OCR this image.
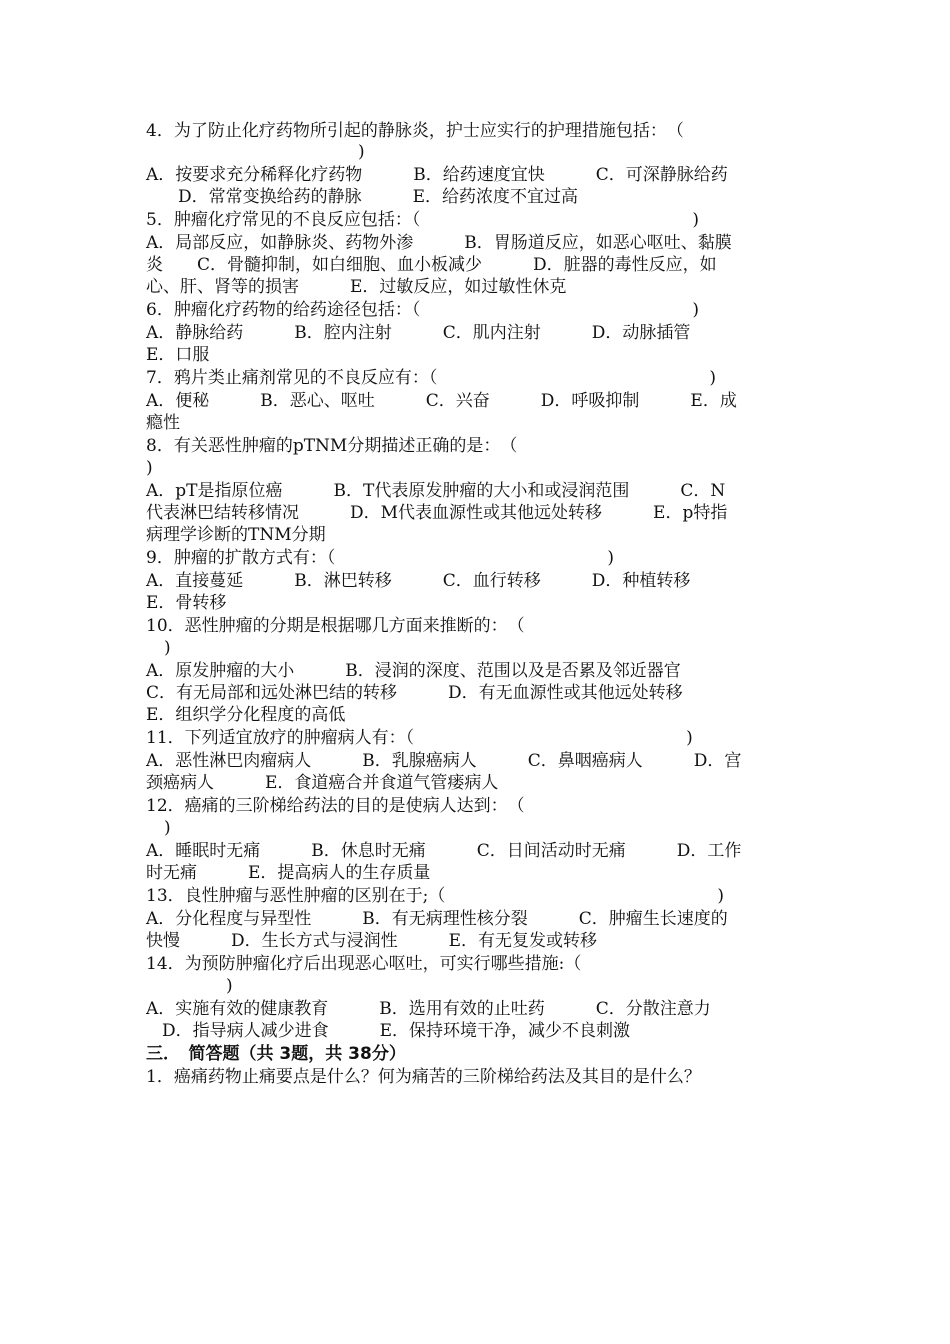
4．为了防止化疗药物所引起的静脉炎，护士应实行的护理措施包括：　（
)
A．按要求充分稀释化疗药物　　　B．给药速度宜快　　　C．可深静脉给药
D．常常变换给药的静脉　　　E．给药浓度不宜过高
5．肿瘤化疗常见的不良反应包括：（　　　　　　　　　　　　　　　　)
A．局部反应，如静脉炎、药物外渗　　　B．胃肠道反应，如恶心呕吐、黏膜
炎　　C．骨髓抑制，如白细胞、血小板减少　　　D．脏器的毒性反应，如
心、肝、肾等的损害　　　E．过敏反应，如过敏性休克
6．肿瘤化疗药物的给药途径包括：（　　　　　　　　　　　　　　　　)
A．静脉给药　　　B．腔内注射　　　C．肌内注射　　　D．动脉插管
E．口服
7．鸦片类止痛剂常见的不良反应有：（　　　　　　　　　　　　　　　　)
A．便秘　　　B．恶心、呕吐　　　C．兴奋　　　D．呼吸抑制　　　E．成
瘾性
8．有关恶性肿瘤的pTNM分期描述正确的是：　（
)
A．pT是指原位癌　　　B．T代表原发肿瘤的大小和或浸润范围　　　C．N
代表淋巴结转移情况　　　D．M代表血源性或其他远处转移　　　E．p特指
病理学诊断的TNM分期
9．肿瘤的扩散方式有：（　　　　　　　　　　　　　　　　)
A．直接蔓延　　　B．淋巴转移　　　C．血行转移　　　D．种植转移
E．骨转移
10．恶性肿瘤的分期是根据哪几方面来推断的：　（
)
A．原发肿瘤的大小　　　B．浸润的深度、范围以及是否累及邻近器官
C．有无局部和远处淋巴结的转移　　　D．有无血源性或其他远处转移
E．组织学分化程度的高低
11．下列适宜放疗的肿瘤病人有：（　　　　　　　　　　　　　　　　)
A．恶性淋巴肉瘤病人　　　B．乳腺癌病人　　　C．鼻咽癌病人　　　D．宫
颈癌病人　　　E．食道癌合并食道气管瘘病人
12．癌痛的三阶梯给药法的目的是使病人达到：　（
)
A．睡眠时无痛　　　B．休息时无痛　　　C．日间活动时无痛　　　D．工作
时无痛　　　E．提高病人的生存质量
13．良性肿瘤与恶性肿瘤的区别在于;（　　　　　　　　　　　　　　　　)
A．分化程度与异型性　　　B．有无病理性核分裂　　　C．肿瘤生长速度的
快慢　　　D．生长方式与浸润性　　　E．有无复发或转移
14．为预防肿瘤化疗后出现恶心呕吐，可实行哪些措施:（
)
A．实施有效的健康教育　　　B．选用有效的止吐药　　　C．分散注意力
D．指导病人减少进食　　　E．保持环境干净，减少不良刺激
三．　简答题（共 3题，共 38分）
1．癌痛药物止痛要点是什么？何为痛苦的三阶梯给药法及其目的是什么？
